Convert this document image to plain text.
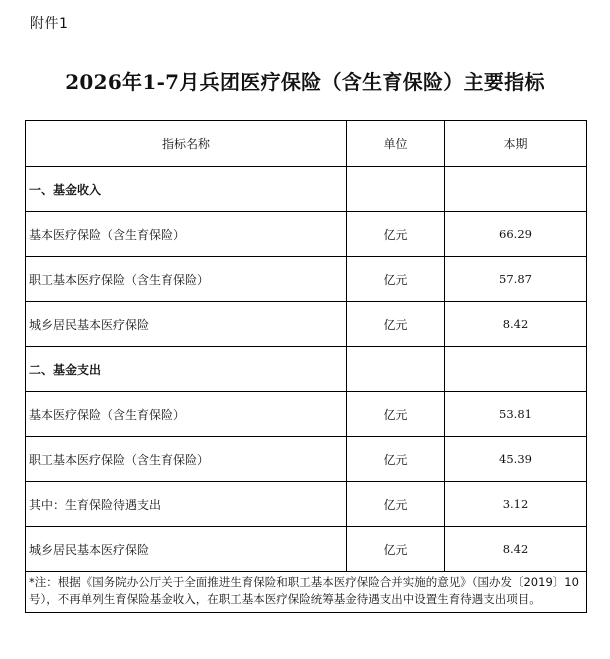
附件1
2026年1-7月兵团医疗保险（含生育保险）主要指标
指标名称	单位	本期
一、基金收入		
基本医疗保险（含生育保险）	亿元	66.29
职工基本医疗保险（含生育保险）	亿元	57.87
城乡居民基本医疗保险	亿元	8.42
二、基金支出		
基本医疗保险（含生育保险）	亿元	53.81
职工基本医疗保险（含生育保险）	亿元	45.39
其中：生育保险待遇支出	亿元	3.12
城乡居民基本医疗保险	亿元	8.42
*注：根据《国务院办公厅关于全面推进生育保险和职工基本医疗保险合并实施的意见》（国办发〔2019〕10号），不再单列生育保险基金收入，在职工基本医疗保险统筹基金待遇支出中设置生育待遇支出项目。		
